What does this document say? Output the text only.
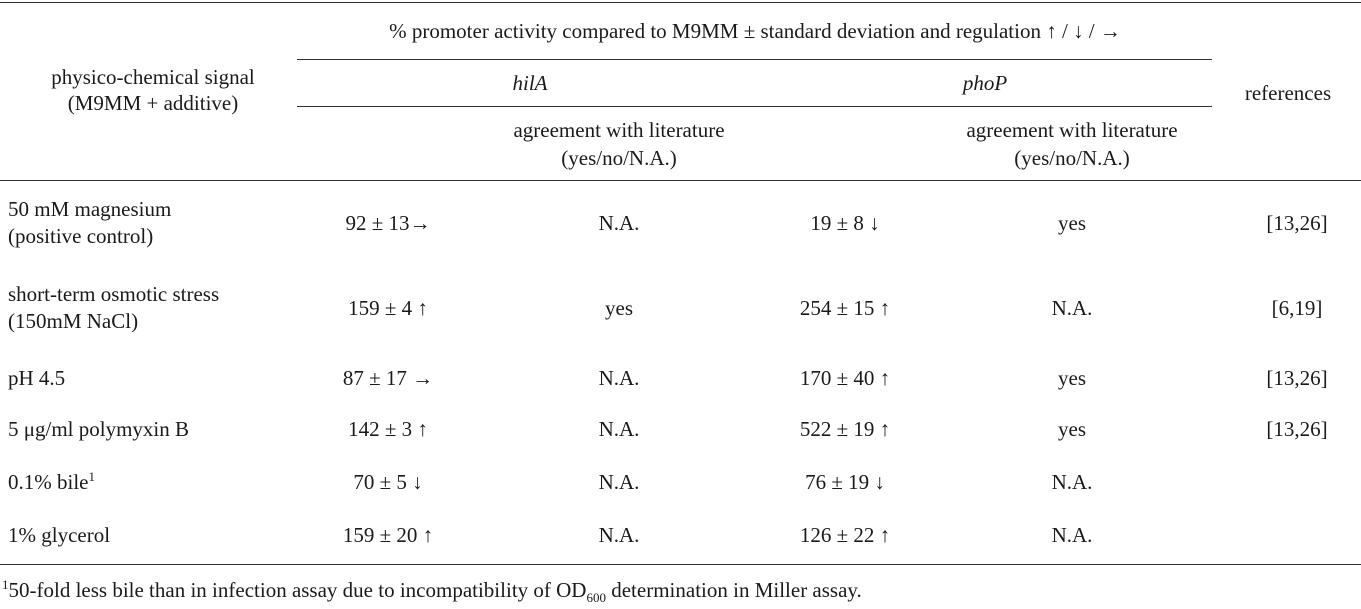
physico-chemical signal
(M9MM + additive)
% promoter activity compared to M9MM ± standard deviation and regulation ↑ / ↓ / →
hilA	phoP
agreement with literature
(yes/no/N.A.)
agreement with literature
(yes/no/N.A.)
references
50 mM magnesium
(positive control)
92 ± 13→	N.A.	19 ± 8 ↓	yes	[13,26]
short-term osmotic stress
(150mM NaCl)
159 ± 4 ↑	yes	254 ± 15 ↑	N.A.	[6,19]
pH 4.5	87 ± 17 →	N.A.	170 ± 40 ↑	yes	[13,26]
5 μg/ml polymyxin B	142 ± 3 ↑	N.A.	522 ± 19 ↑	yes	[13,26]
0.1% bile$^1$	70 ± 5 ↓	N.A.	76 ± 19 ↓	N.A.
1% glycerol	159 ± 20 ↑	N.A.	126 ± 22 ↑	N.A.
$^1$50-fold less bile than in infection assay due to incompatibility of $OD_{600}$ determination in Miller assay.
